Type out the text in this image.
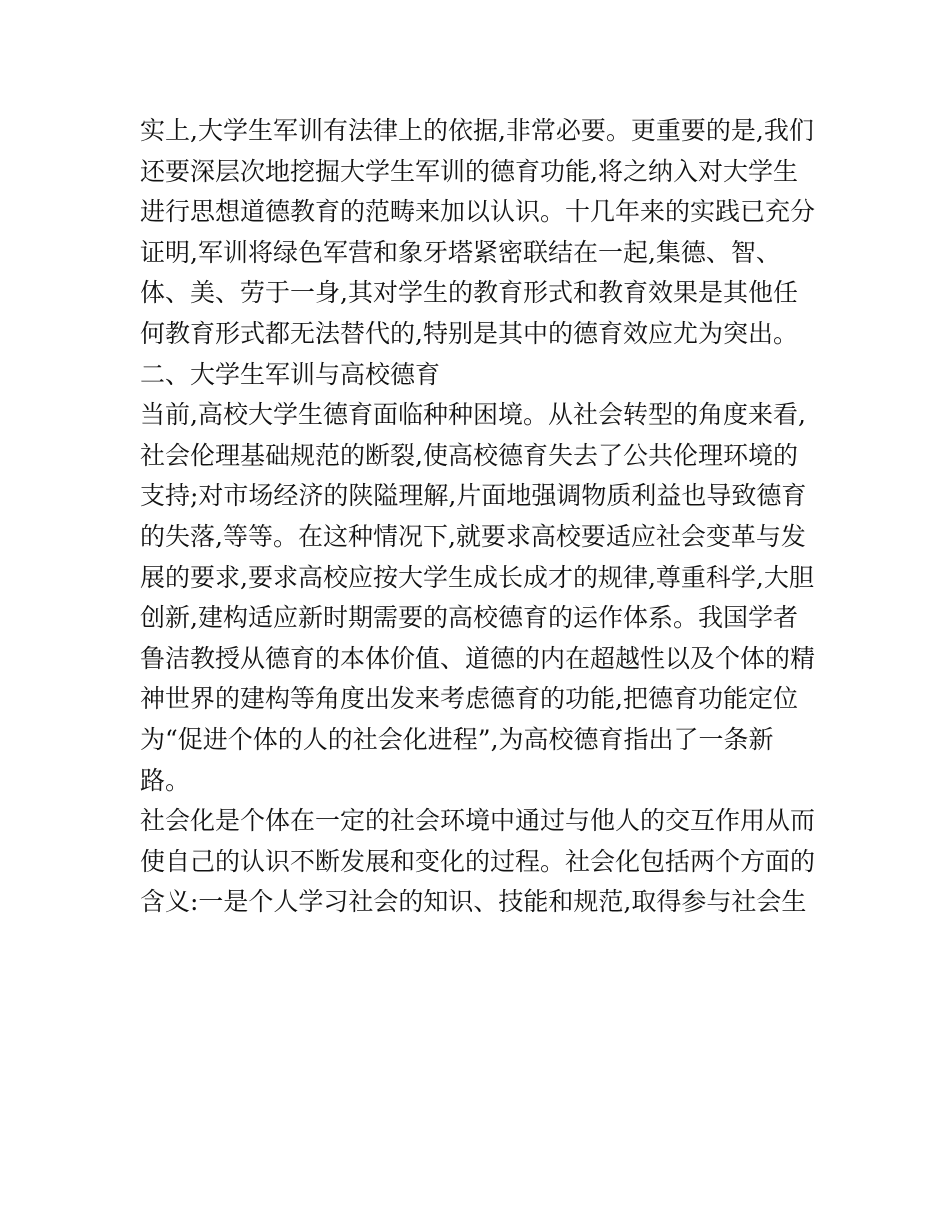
实上,大学生军训有法律上的依据,非常必要。更重要的是,我们
还要深层次地挖掘大学生军训的德育功能,将之纳入对大学生
进行思想道德教育的范畴来加以认识。十几年来的实践已充分
证明,军训将绿色军营和象牙塔紧密联结在一起,集德、智、
体、美、劳于一身,其对学生的教育形式和教育效果是其他任
何教育形式都无法替代的,特别是其中的德育效应尤为突出。
二、大学生军训与高校德育
当前,高校大学生德育面临种种困境。从社会转型的角度来看,
社会伦理基础规范的断裂,使高校德育失去了公共伦理环境的
支持;对市场经济的陕隘理解,片面地强调物质利益也导致德育
的失落,等等。在这种情况下,就要求高校要适应社会变革与发
展的要求,要求高校应按大学生成长成才的规律,尊重科学,大胆
创新,建构适应新时期需要的高校德育的运作体系。我国学者
鲁洁教授从德育的本体价值、道德的内在超越性以及个体的精
神世界的建构等角度出发来考虑德育的功能,把德育功能定位
为“促进个体的人的社会化进程”,为高校德育指出了一条新
路。
社会化是个体在一定的社会环境中通过与他人的交互作用从而
使自己的认识不断发展和变化的过程。社会化包括两个方面的
含义:一是个人学习社会的知识、技能和规范,取得参与社会生
